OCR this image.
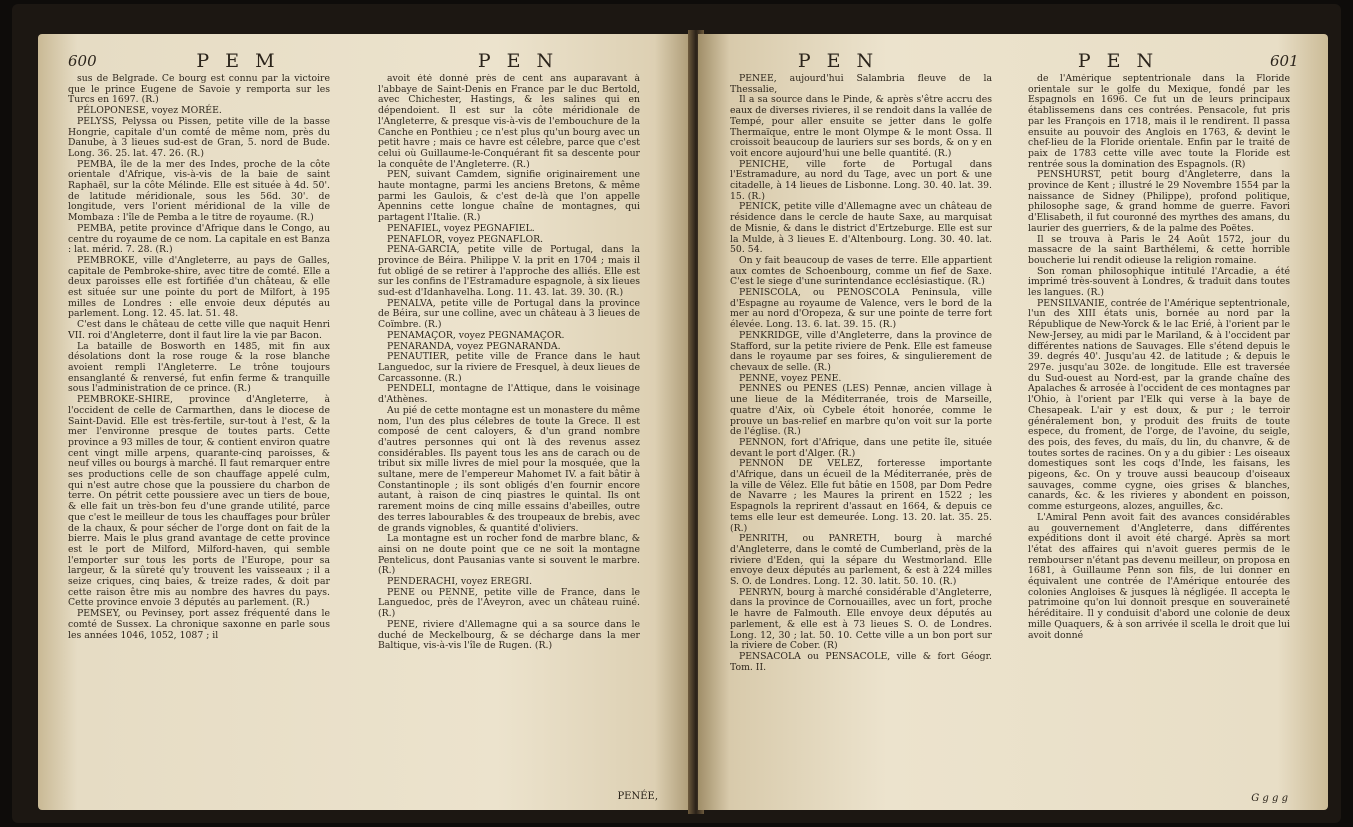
600	P E M	P E N

sus de Belgrade. Ce bourg est connu par la victoire que le prince Eugene de Savoie y remporta sur les Turcs en 1697. (R.)

PÉLOPONESE, voyez MORÉE.

PELYSS, Pelyssa ou Pissen, petite ville de la basse Hongrie, capitale d'un comté de même nom, près du Danube, à 3 lieues sud-est de Gran, 5. nord de Bude. Long. 36. 25. lat. 47. 26. (R.)

PEMBA, île de la mer des Indes, proche de la côte orientale d'Afrique, vis-à-vis de la baie de saint Raphaël, sur la côte Mélinde. Elle est située à 4d. 50'. de latitude méridionale, sous les 56d. 30'. de longitude, vers l'orient méridional de la ville de Mombaza : l'île de Pemba a le titre de royaume. (R.)

PEMBA, petite province d'Afrique dans le Congo, au centre du royaume de ce nom. La capitale en est Banza : lat. mérid. 7. 28. (R.)

PEMBROKE, ville d'Angleterre, au pays de Galles, capitale de Pembroke-shire, avec titre de comté. Elle a deux paroisses elle est fortifiée d'un château, & elle est située sur une pointe du port de Milfort, à 195 milles de Londres : elle envoie deux députés au parlement. Long. 12. 45. lat. 51. 48.

C'est dans le château de cette ville que naquit Henri VII. roi d'Angleterre, dont il faut lire la vie par Bacon.

La bataille de Bosworth en 1485, mit fin aux désolations dont la rose rouge & la rose blanche avoient rempli l'Angleterre. Le trône toujours ensanglanté & renversé, fut enfin ferme & tranquille sous l'administration de ce prince. (R.)

PEMBROKE-SHIRE, province d'Angleterre, à l'occident de celle de Carmarthen, dans le diocese de Saint-David. Elle est très-fertile, sur-tout à l'est, & la mer l'environne presque de toutes parts. Cette province a 93 milles de tour, & contient environ quatre cent vingt mille arpens, quarante-cinq paroisses, & neuf villes ou bourgs à marché. Il faut remarquer entre ses productions celle de son chauffage appelé culm, qui n'est autre chose que la poussiere du charbon de terre. On pétrit cette poussiere avec un tiers de boue, & elle fait un très-bon feu d'une grande utilité, parce que c'est le meilleur de tous les chauffages pour brûler de la chaux, & pour sécher de l'orge dont on fait de la bierre. Mais le plus grand avantage de cette province est le port de Milford, Milford-haven, qui semble l'emporter sur tous les ports de l'Europe, pour sa largeur, & la sûreté qu'y trouvent les vaisseaux ; il a seize criques, cinq baies, & treize rades, & doit par cette raison être mis au nombre des havres du pays. Cette province envoie 3 députés au parlement. (R.)

PEMSEY, ou Pevinsey, port assez fréquenté dans le comté de Sussex. La chronique saxonne en parle sous les années 1046, 1052, 1087 ; il

avoit été donné près de cent ans auparavant à l'abbaye de Saint-Denis en France par le duc Bertold, avec Chichester, Hastings, & les salines qui en dépendoient. Il est sur la côte méridionale de l'Angleterre, & presque vis-à-vis de l'embouchure de la Canche en Ponthieu ; ce n'est plus qu'un bourg avec un petit havre ; mais ce havre est célebre, parce que c'est celui où Guillaume-le-Conquérant fit sa descente pour la conquête de l'Angleterre. (R.)

PEN, suivant Camdem, signifie originairement une haute montagne, parmi les anciens Bretons, & même parmi les Gaulois, & c'est de-là que l'on appelle Apennins cette longue chaîne de montagnes, qui partagent l'Italie. (R.)

PENAFIEL, voyez PEGNAFIEL.

PENAFLOR, voyez PEGNAFLOR.

PENA-GARCIA, petite ville de Portugal, dans la province de Béira. Philippe V. la prit en 1704 ; mais il fut obligé de se retirer à l'approche des alliés. Elle est sur les confins de l'Estramadure espagnole, à six lieues sud-est d'Idanhavelha. Long. 11. 43. lat. 39. 30. (R.)

PENALVA, petite ville de Portugal dans la province de Béira, sur une colline, avec un château à 3 lieues de Coïmbre. (R.)

PENAMAÇOR, voyez PEGNAMAÇOR.

PENARANDA, voyez PEGNARANDA.

PENAUTIER, petite ville de France dans le haut Languedoc, sur la riviere de Fresquel, à deux lieues de Carcassonne. (R.)

PENDELI, montagne de l'Attique, dans le voisinage d'Athènes.

Au pié de cette montagne est un monastere du même nom, l'un des plus célebres de toute la Grece. Il est composé de cent caloyers, & d'un grand nombre d'autres personnes qui ont là des revenus assez considérables. Ils payent tous les ans de carach ou de tribut six mille livres de miel pour la mosquée, que la sultane, mere de l'empereur Mahomet IV. a fait bâtir à Constantinople ; ils sont obligés d'en fournir encore autant, à raison de cinq piastres le quintal. Ils ont rarement moins de cinq mille essains d'abeilles, outre des terres labourables & des troupeaux de brebis, avec de grands vignobles, & quantité d'oliviers.

La montagne est un rocher fond de marbre blanc, & ainsi on ne doute point que ce ne soit la montagne Pentelicus, dont Pausanias vante si souvent le marbre. (R.)

PENDERACHI, voyez EREGRI.

PENE ou PENNE, petite ville de France, dans le Languedoc, près de l'Aveyron, avec un château ruiné. (R.)

PENE, riviere d'Allemagne qui a sa source dans le duché de Meckelbourg, & se décharge dans la mer Baltique, vis-à-vis l'île de Rugen. (R.)

PENÉE,
P E N	P E N	601

PENÉE, aujourd'hui Salambria fleuve de la Thessalie,

Il a sa source dans le Pinde, & après s'être accru des eaux de diverses rivieres, il se rendoit dans la vallée de Tempé, pour aller ensuite se jetter dans le golfe Thermaïque, entre le mont Olympe & le mont Ossa. Il croissoit beaucoup de lauriers sur ses bords, & on y en voit encore aujourd'hui une belle quantité. (R.)

PENICHE, ville forte de Portugal dans l'Estramadure, au nord du Tage, avec un port & une citadelle, à 14 lieues de Lisbonne. Long. 30. 40. lat. 39. 15. (R.)

PENICK, petite ville d'Allemagne avec un château de résidence dans le cercle de haute Saxe, au marquisat de Misnie, & dans le district d'Ertzeburge. Elle est sur la Mulde, à 3 lieues E. d'Altenbourg. Long. 30. 40. lat. 50. 54.

On y fait beaucoup de vases de terre. Elle appartient aux comtes de Schoenbourg, comme un fief de Saxe. C'est le siege d'une surintendance ecclésiastique. (R.)

PENISCOLA, ou PENOSCOLA Peninsula, ville d'Espagne au royaume de Valence, vers le bord de la mer au nord d'Oropeza, & sur une pointe de terre fort élevée. Long. 13. 6. lat. 39. 15. (R.)

PENKRIDGE, ville d'Angleterre, dans la province de Stafford, sur la petite riviere de Penk. Elle est fameuse dans le royaume par ses foires, & singulierement de chevaux de selle. (R.)

PENNE, voyez PENE.

PENNES ou PENES (LES) Pennæ, ancien village à une lieue de la Méditerranée, trois de Marseille, quatre d'Aix, où Cybele étoit honorée, comme le prouve un bas-relief en marbre qu'on voit sur la porte de l'église. (R.)

PENNON, fort d'Afrique, dans une petite île, située devant le port d'Alger. (R.)

PENNON DE VELEZ, forteresse importante d'Afrique, dans un écueil de la Méditerranée, près de la ville de Vélez. Elle fut bâtie en 1508, par Dom Pedre de Navarre ; les Maures la prirent en 1522 ; les Espagnols la reprirent d'assaut en 1664, & depuis ce tems elle leur est demeurée. Long. 13. 20. lat. 35. 25. (R.)

PENRITH, ou PANRETH, bourg à marché d'Angleterre, dans le comté de Cumberland, près de la riviere d'Eden, qui la sépare du Westmorland. Elle envoye deux députés au parlement, & est à 224 milles S. O. de Londres. Long. 12. 30. latit. 50. 10. (R.)

PENRYN, bourg à marché considérable d'Angleterre, dans la province de Cornouailles, avec un fort, proche le havre de Falmouth. Elle envoye deux députés au parlement, & elle est à 73 lieues S. O. de Londres. Long. 12, 30 ; lat. 50. 10. Cette ville a un bon port sur la riviere de Cober. (R)

PENSACOLA ou PENSACOLE, ville & fort Géogr. Tom. II.

de l'Amérique septentrionale dans la Floride orientale sur le golfe du Mexique, fondé par les Espagnols en 1696. Ce fut un de leurs principaux établissemens dans ces contrées. Pensacole, fut pris par les François en 1718, mais il le rendirent. Il passa ensuite au pouvoir des Anglois en 1763, & devint le chef-lieu de la Floride orientale. Enfin par le traité de paix de 1783 cette ville avec toute la Floride est rentrée sous la domination des Espagnols. (R)

PENSHURST, petit bourg d'Angleterre, dans la province de Kent ; illustré le 29 Novembre 1554 par la naissance de Sidney (Philippe), profond politique, philosophe sage, & grand homme de guerre. Favori d'Elisabeth, il fut couronné des myrthes des amans, du laurier des guerriers, & de la palme des Poëtes.

Il se trouva à Paris le 24 Août 1572, jour du massacre de la saint Barthélemi, & cette horrible boucherie lui rendit odieuse la religion romaine.

Son roman philosophique intitulé l'Arcadie, a été imprimé très-souvent à Londres, & traduit dans toutes les langues. (R.)

PENSILVANIE, contrée de l'Amérique septentrionale, l'un des XIII états unis, bornée au nord par la République de New-Yorck & le lac Erié, à l'orient par le New-Jersey, au midi par le Mariland, & à l'occident par différentes nations de Sauvages. Elle s'étend depuis le 39. degrés 40'. Jusqu'au 42. de latitude ; & depuis le 297e. jusqu'au 302e. de longitude. Elle est traversée du Sud-ouest au Nord-est, par la grande chaîne des Apalaches & arrosée à l'occident de ces montagnes par l'Ohio, à l'orient par l'Elk qui verse à la baye de Chesapeak. L'air y est doux, & pur ; le terroir généralement bon, y produit des fruits de toute espece, du froment, de l'orge, de l'avoine, du seigle, des pois, des feves, du maïs, du lin, du chanvre, & de toutes sortes de racines. On y a du gibier : Les oiseaux domestiques sont les coqs d'Inde, les faisans, les pigeons, &c. On y trouve aussi beaucoup d'oiseaux sauvages, comme cygne, oies grises & blanches, canards, &c. & les rivieres y abondent en poisson, comme esturgeons, alozes, anguilles, &c.

L'Amiral Penn avoit fait des avances considérables au gouvernement d'Angleterre, dans différentes expéditions dont il avoit été chargé. Après sa mort l'état des affaires qui n'avoit gueres permis de le rembourser n'étant pas devenu meilleur, on proposa en 1681, à Guillaume Penn son fils, de lui donner en équivalent une contrée de l'Amérique entourée des colonies Angloises & jusques là négligée. Il accepta le patrimoine qu'on lui donnoit presque en souveraineté héréditaire. Il y conduisit d'abord une colonie de deux mille Quaquers, & à son arrivée il scella le droit que lui avoit donné

G g g g
